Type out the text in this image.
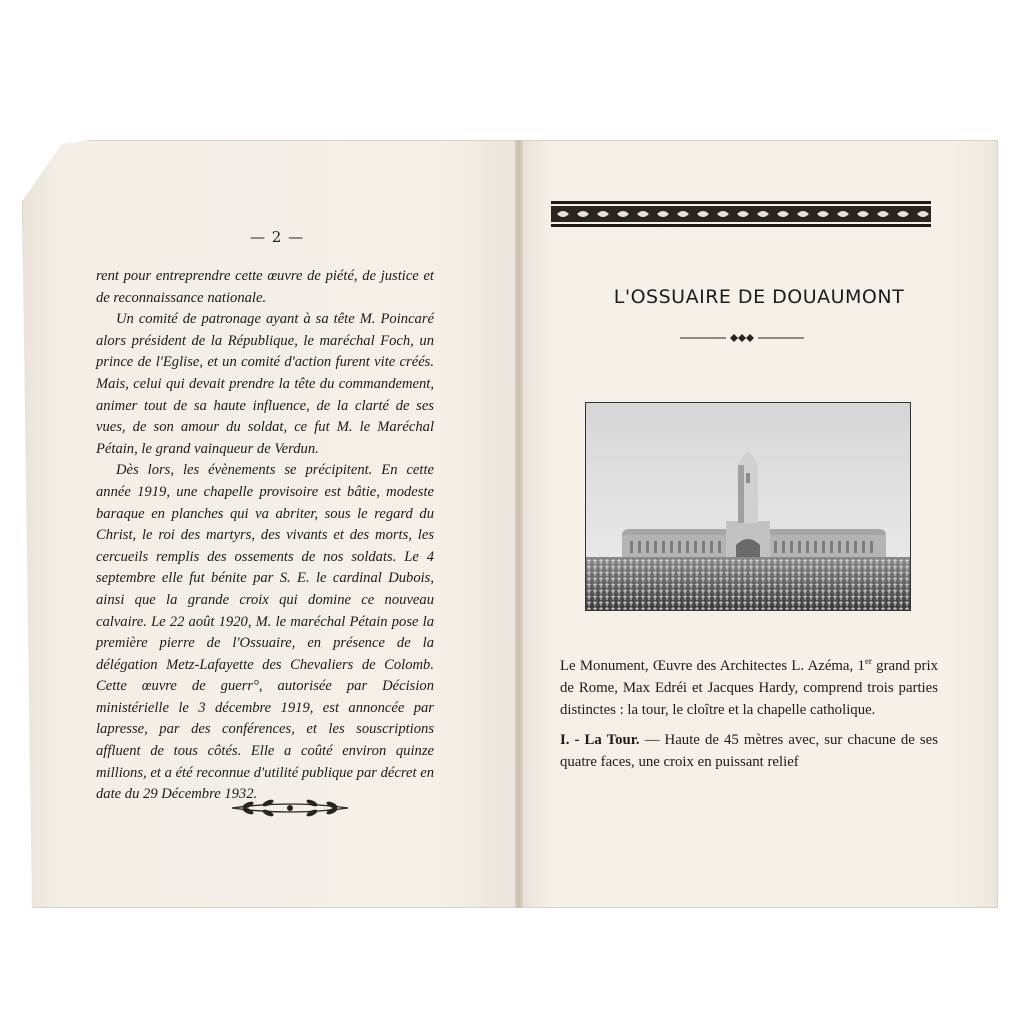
— 2 —

rent pour entreprendre cette œuvre de piété, de justice et de reconnaissance nationale.

Un comité de patronage ayant à sa tête M. Poincaré alors président de la République, le maréchal Foch, un prince de l'Eglise, et un comité d'action furent vite créés. Mais, celui qui devait prendre la tête du commandement, animer tout de sa haute influence, de la clarté de ses vues, de son amour du soldat, ce fut M. le Maréchal Pétain, le grand vainqueur de Verdun.

Dès lors, les évènements se précipitent. En cette année 1919, une chapelle provisoire est bâtie, modeste baraque en planches qui va abriter, sous le regard du Christ, le roi des martyrs, des vivants et des morts, les cercueils remplis des ossements de nos soldats. Le 4 septembre elle fut bénite par S. E. le cardinal Dubois, ainsi que la grande croix qui domine ce nouveau calvaire. Le 22 août 1920, M. le maréchal Pétain pose la première pierre de l'Ossuaire, en présence de la délégation Metz-Lafayette des Chevaliers de Colomb. Cette œuvre de guerr°, autorisée par Décision ministérielle le 3 décembre 1919, est annoncée par lapresse, par des conférences, et les souscriptions affluent de tous côtés. Elle a coûté environ quinze millions, et a été reconnue d'utilité publique par décret en date du 29 Décembre 1932.

L'OSSUAIRE DE DOUAUMONT

Le Monument, Œuvre des Architectes L. Azéma, 1er grand prix de Rome, Max Edréi et Jacques Hardy, comprend trois parties distinctes : la tour, le cloître et la chapelle catholique.

I. - La Tour. — Haute de 45 mètres avec, sur chacune de ses quatre faces, une croix en puissant relief
